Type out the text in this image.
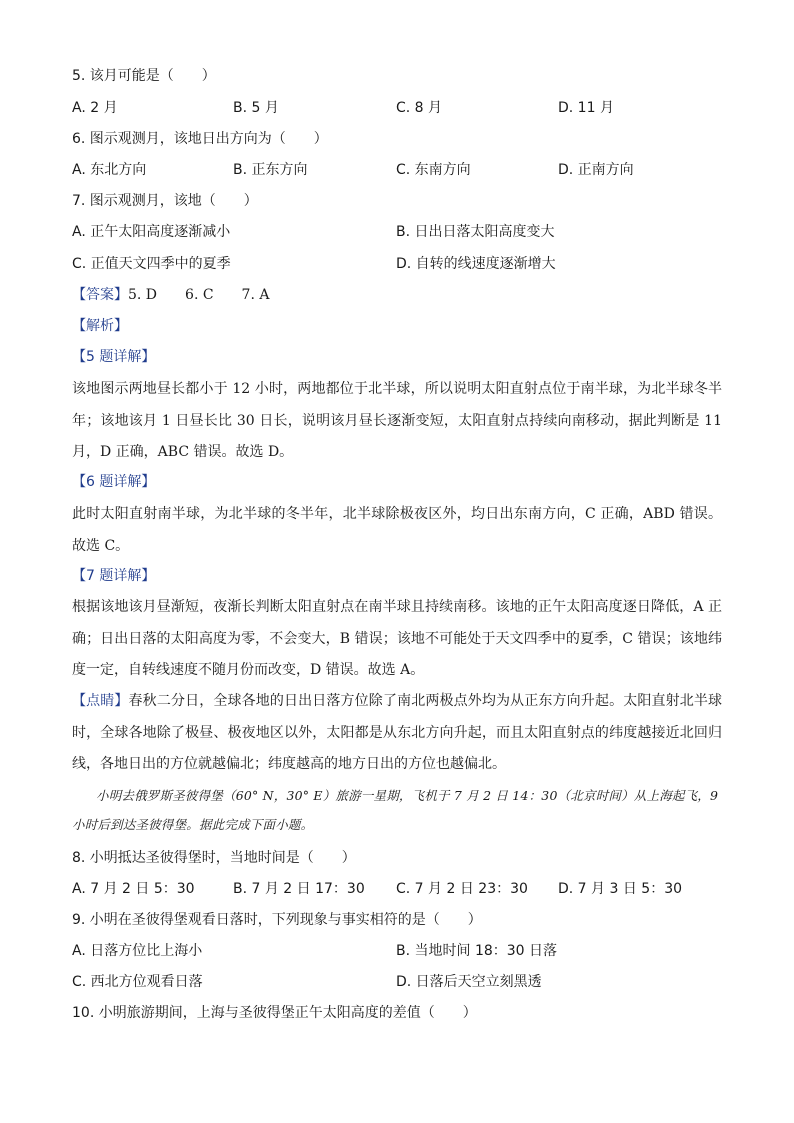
5. 该月可能是（　　）
A. 2 月	B. 5 月	C. 8 月	D. 11 月
6. 图示观测月，该地日出方向为（　　）
A. 东北方向	B. 正东方向	C. 东南方向	D. 正南方向
7. 图示观测月，该地（　　）
A. 正午太阳高度逐渐减小	B. 日出日落太阳高度变大
C. 正值天文四季中的夏季	D. 自转的线速度逐渐增大
【答案】5. D　　6. C　　7. A
【解析】
【5 题详解】
该地图示两地昼长都小于 12 小时，两地都位于北半球，所以说明太阳直射点位于南半球，为北半球冬半年；该地该月 1 日昼长比 30 日长，说明该月昼长逐渐变短，太阳直射点持续向南移动，据此判断是 11 月，D 正确，ABC 错误。故选 D。
【6 题详解】
此时太阳直射南半球，为北半球的冬半年，北半球除极夜区外，均日出东南方向，C 正确，ABD 错误。故选 C。
【7 题详解】
根据该地该月昼渐短，夜渐长判断太阳直射点在南半球且持续南移。该地的正午太阳高度逐日降低，A 正确；日出日落的太阳高度为零，不会变大，B 错误；该地不可能处于天文四季中的夏季，C 错误；该地纬度一定，自转线速度不随月份而改变，D 错误。故选 A。
【点睛】春秋二分日，全球各地的日出日落方位除了南北两极点外均为从正东方向升起。太阳直射北半球时，全球各地除了极昼、极夜地区以外，太阳都是从东北方向升起，而且太阳直射点的纬度越接近北回归线，各地日出的方位就越偏北；纬度越高的地方日出的方位也越偏北。
小明去俄罗斯圣彼得堡（60° N，30° E）旅游一星期，飞机于 7 月 2 日 14：30（北京时间）从上海起飞，9 小时后到达圣彼得堡。据此完成下面小题。
8. 小明抵达圣彼得堡时，当地时间是（　　）
A. 7 月 2 日 5：30	B. 7 月 2 日 17：30 C. 7 月 2 日 23：30 D. 7 月 3 日 5：30
9. 小明在圣彼得堡观看日落时，下列现象与事实相符的是（　　）
A. 日落方位比上海小	B. 当地时间 18：30 日落
C. 西北方位观看日落	D. 日落后天空立刻黑透
10. 小明旅游期间，上海与圣彼得堡正午太阳高度的差值（　　）
